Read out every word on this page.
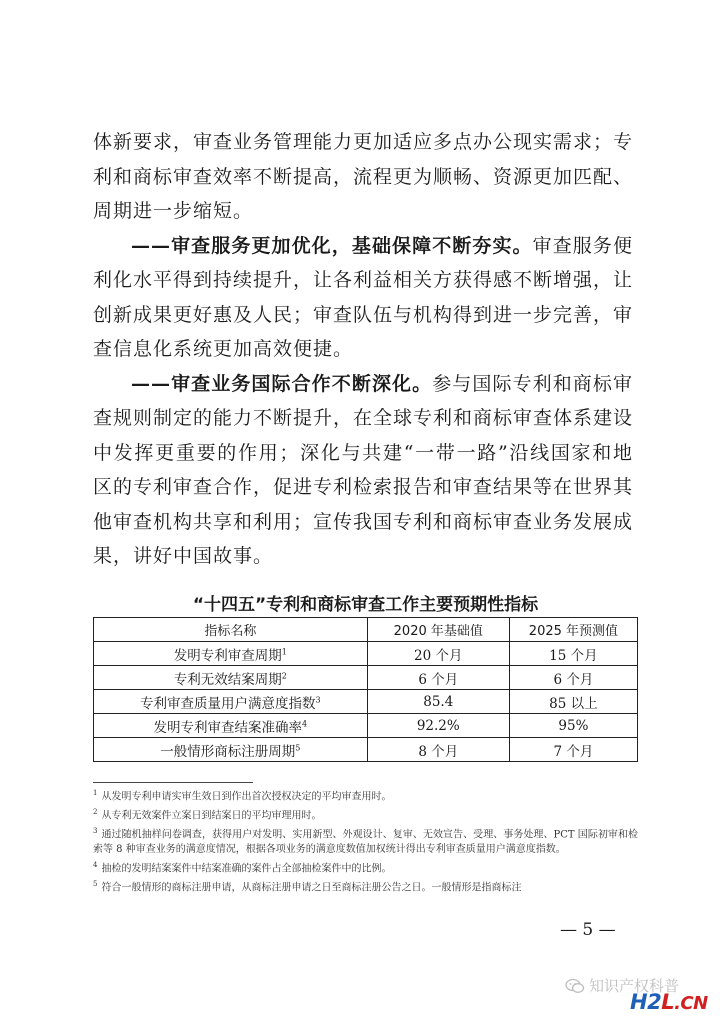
体新要求，审查业务管理能力更加适应多点办公现实需求；专利和商标审查效率不断提高，流程更为顺畅、资源更加匹配、周期进一步缩短。

——审查服务更加优化，基础保障不断夯实。审查服务便利化水平得到持续提升，让各利益相关方获得感不断增强，让创新成果更好惠及人民；审查队伍与机构得到进一步完善，审查信息化系统更加高效便捷。

——审查业务国际合作不断深化。参与国际专利和商标审查规则制定的能力不断提升，在全球专利和商标审查体系建设中发挥更重要的作用；深化与共建“一带一路”沿线国家和地区的专利审查合作，促进专利检索报告和审查结果等在世界其他审查机构共享和利用；宣传我国专利和商标审查业务发展成果，讲好中国故事。

“十四五”专利和商标审查工作主要预期性指标
指标名称	2020 年基础值	2025 年预测值
发明专利审查周期$^1$	20 个月	15 个月
专利无效结案周期$^2$	6 个月	6 个月
专利审查质量用户满意度指数$^3$	85.4	85 以上
发明专利审查结案准确率$^4$	92.2%	95%
一般情形商标注册周期$^5$	8 个月	7 个月

$^1$ 从发明专利申请实审生效日到作出首次授权决定的平均审查用时。

$^2$ 从专利无效案件立案日到结案日的平均审理用时。

$^3$ 通过随机抽样问卷调查，获得用户对发明、实用新型、外观设计、复审、无效宣告、受理、事务处理、PCT 国际初审和检索等 8 种审查业务的满意度情况，根据各项业务的满意度数值加权统计得出专利审查质量用户满意度指数。

$^4$ 抽检的发明结案案件中结案准确的案件占全部抽检案件中的比例。

$^5$ 符合一般情形的商标注册申请，从商标注册申请之日至商标注册公告之日。一般情形是指商标注

— 5 —
知识产权科普
H2L.CN
